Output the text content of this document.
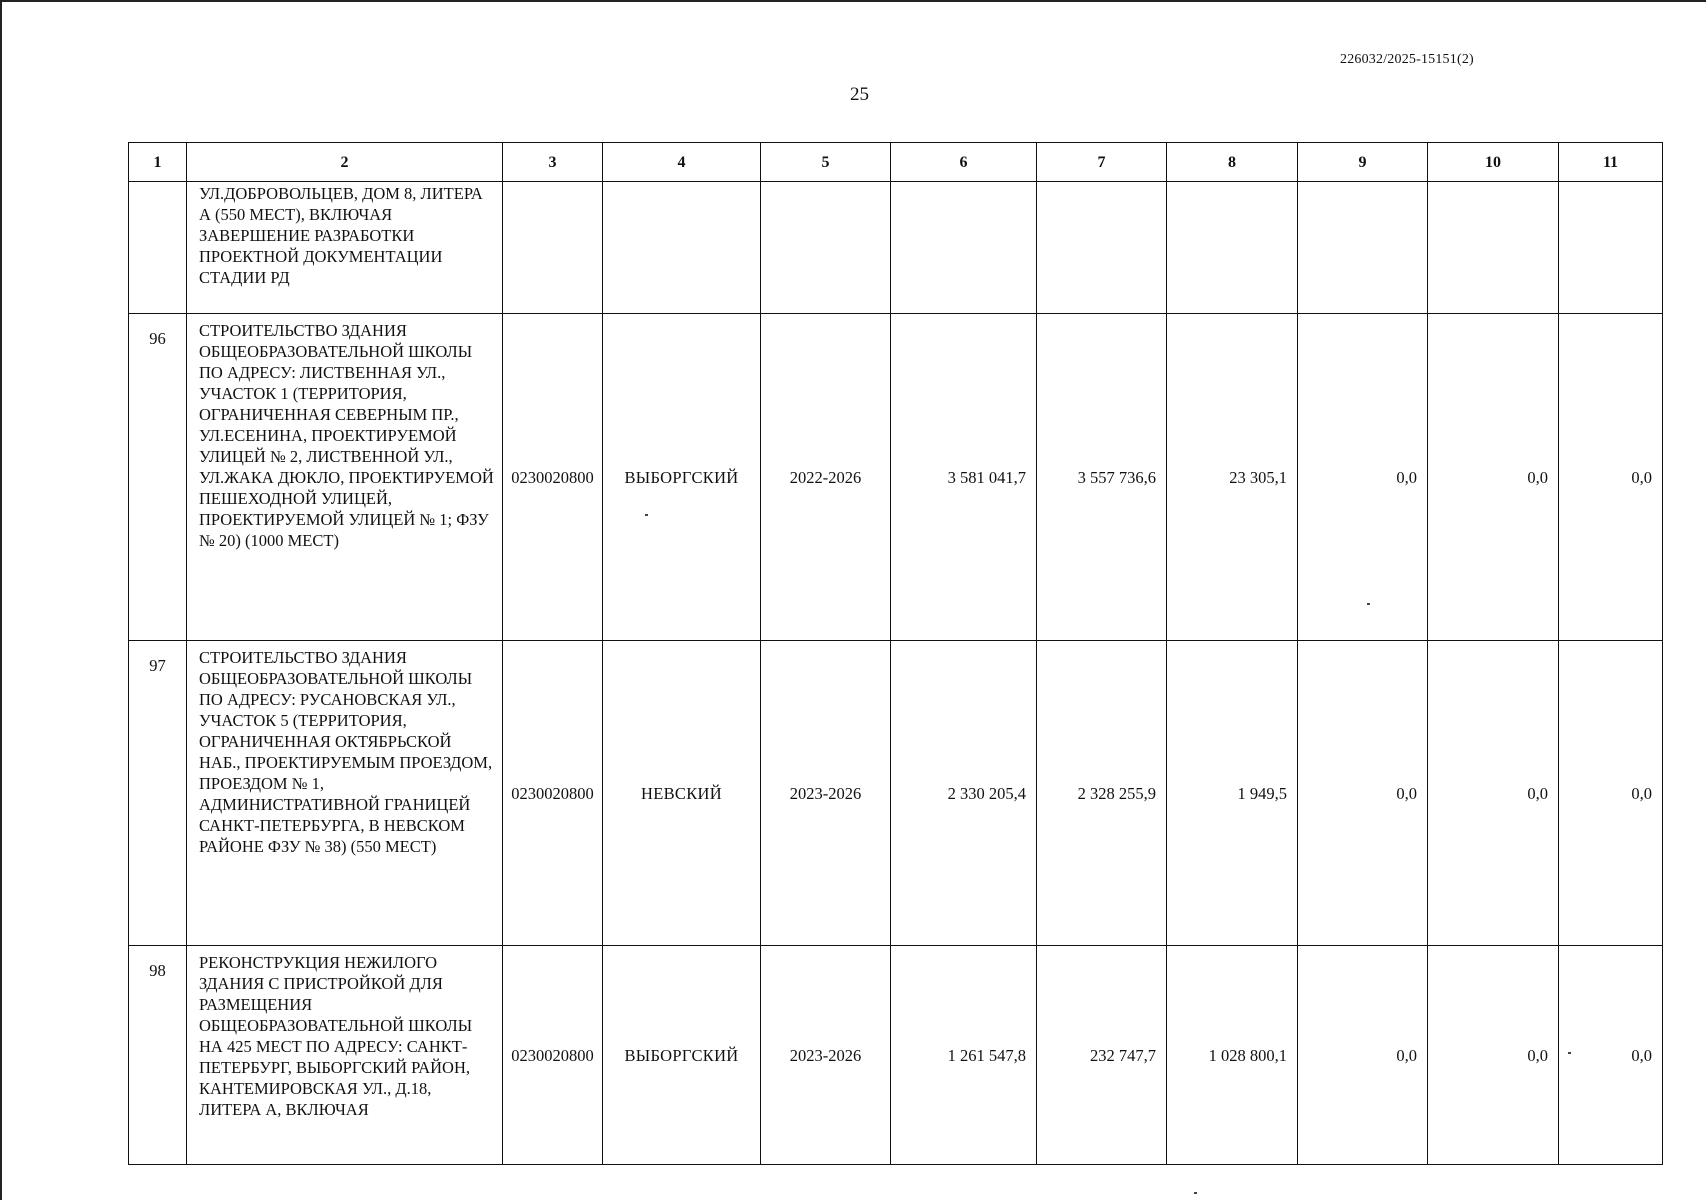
226032/2025-15151(2)
25
1	2	3	4	5	6	7	8	9	10	11
	УЛ.ДОБРОВОЛЬЦЕВ, ДОМ 8, ЛИТЕРА А (550 МЕСТ), ВКЛЮЧАЯ ЗАВЕРШЕНИЕ РАЗРАБОТКИ ПРОЕКТНОЙ ДОКУМЕНТАЦИИ СТАДИИ РД									
96	СТРОИТЕЛЬСТВО ЗДАНИЯ ОБЩЕОБРАЗОВАТЕЛЬНОЙ ШКОЛЫ ПО АДРЕСУ: ЛИСТВЕННАЯ УЛ., УЧАСТОК 1 (ТЕРРИТОРИЯ, ОГРАНИЧЕННАЯ СЕВЕРНЫМ ПР., УЛ.ЕСЕНИНА, ПРОЕКТИРУЕМОЙ УЛИЦЕЙ № 2, ЛИСТВЕННОЙ УЛ., УЛ.ЖАКА ДЮКЛО, ПРОЕКТИРУЕМОЙ ПЕШЕХОДНОЙ УЛИЦЕЙ, ПРОЕКТИРУЕМОЙ УЛИЦЕЙ № 1; ФЗУ № 20) (1000 МЕСТ)	0230020800	ВЫБОРГСКИЙ	2022-2026	3 581 041,7	3 557 736,6	23 305,1	0,0	0,0	0,0
97	СТРОИТЕЛЬСТВО ЗДАНИЯ ОБЩЕОБРАЗОВАТЕЛЬНОЙ ШКОЛЫ ПО АДРЕСУ: РУСАНОВСКАЯ УЛ., УЧАСТОК 5 (ТЕРРИТОРИЯ, ОГРАНИЧЕННАЯ ОКТЯБРЬСКОЙ НАБ., ПРОЕКТИРУЕМЫМ ПРОЕЗДОМ, ПРОЕЗДОМ № 1, АДМИНИСТРАТИВНОЙ ГРАНИЦЕЙ САНКТ-ПЕТЕРБУРГА, В НЕВСКОМ РАЙОНЕ ФЗУ № 38) (550 МЕСТ)	0230020800	НЕВСКИЙ	2023-2026	2 330 205,4	2 328 255,9	1 949,5	0,0	0,0	0,0
98	РЕКОНСТРУКЦИЯ НЕЖИЛОГО ЗДАНИЯ С ПРИСТРОЙКОЙ ДЛЯ РАЗМЕЩЕНИЯ ОБЩЕОБРАЗОВАТЕЛЬНОЙ ШКОЛЫ НА 425 МЕСТ ПО АДРЕСУ: САНКТ-ПЕТЕРБУРГ, ВЫБОРГСКИЙ РАЙОН, КАНТЕМИРОВСКАЯ УЛ., Д.18, ЛИТЕРА А, ВКЛЮЧАЯ	0230020800	ВЫБОРГСКИЙ	2023-2026	1 261 547,8	232 747,7	1 028 800,1	0,0	0,0	0,0
